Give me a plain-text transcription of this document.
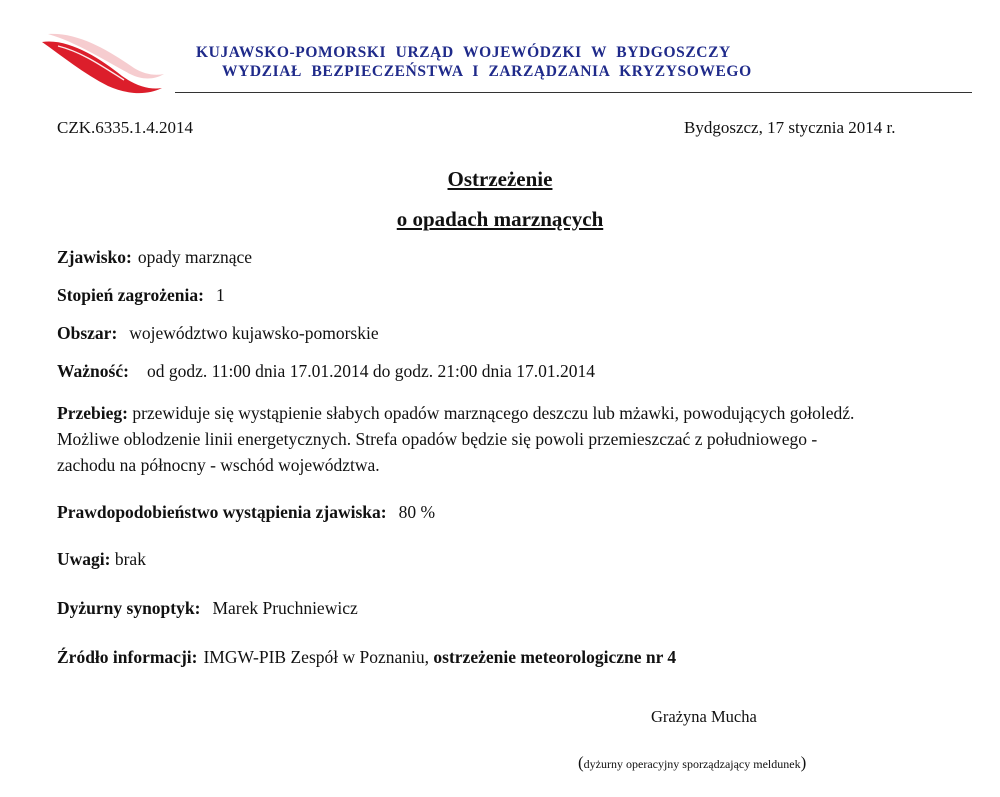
KUJAWSKO-POMORSKI URZĄD WOJEWÓDZKI W BYDGOSZCZY
WYDZIAŁ BEZPIECZEŃSTWA I ZARZĄDZANIA KRYZYSOWEGO
CZK.6335.1.4.2014	Bydgoszcz, 17 stycznia 2014 r.
Ostrzeżenie
o opadach marznących
Zjawisko: opady marznące
Stopień zagrożenia: 1
Obszar: województwo kujawsko-pomorskie
Ważność: od godz. 11:00 dnia 17.01.2014 do godz. 21:00 dnia 17.01.2014
Przebieg: przewiduje się wystąpienie słabych opadów marznącego deszczu lub mżawki, powodujących gołoledź. Możliwe oblodzenie linii energetycznych. Strefa opadów będzie się powoli przemieszczać z południowego - zachodu na północny - wschód województwa.
Prawdopodobieństwo wystąpienia zjawiska: 80 %
Uwagi: brak
Dyżurny synoptyk: Marek Pruchniewicz
Źródło informacji: IMGW-PIB Zespół w Poznaniu, ostrzeżenie meteorologiczne nr 4
Grażyna Mucha
(dyżurny operacyjny sporządzający meldunek)
